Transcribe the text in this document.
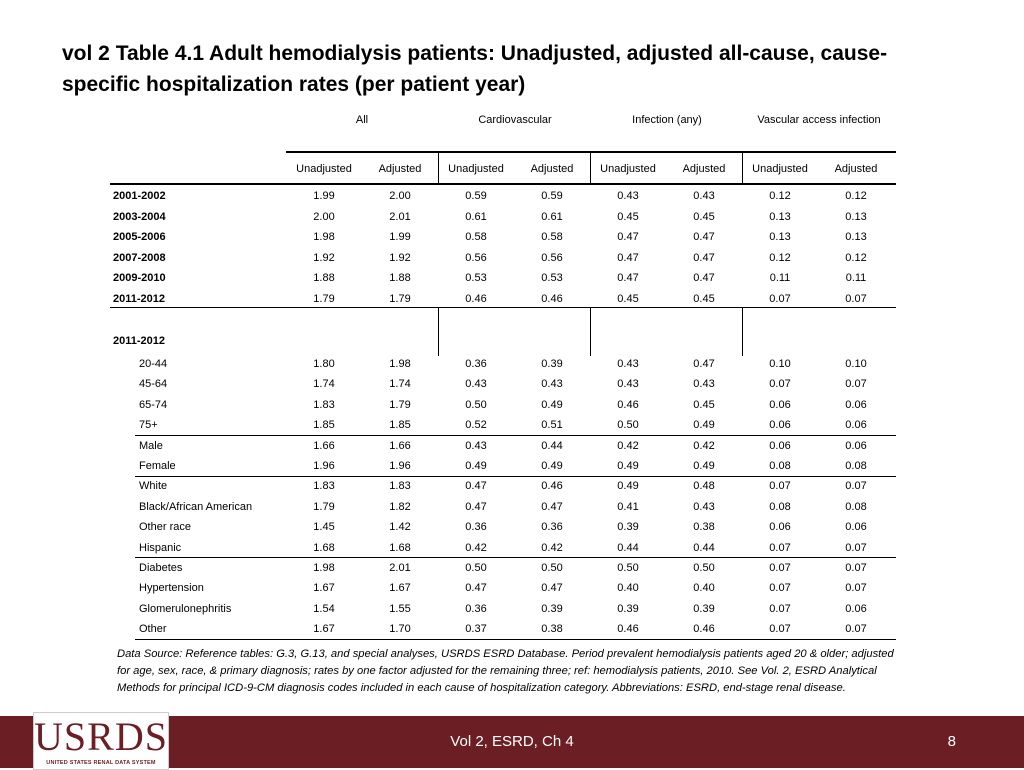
vol 2 Table 4.1 Adult hemodialysis patients: Unadjusted, adjusted all-cause, cause-specific hospitalization rates (per patient year)
All	Cardiovascular	Infection (any)	Vascular access infection
Unadjusted	Adjusted	Unadjusted	Adjusted	Unadjusted	Adjusted	Unadjusted	Adjusted
2001-2002	1.99	2.00	0.59	0.59	0.43	0.43	0.12	0.12
2003-2004	2.00	2.01	0.61	0.61	0.45	0.45	0.13	0.13
2005-2006	1.98	1.99	0.58	0.58	0.47	0.47	0.13	0.13
2007-2008	1.92	1.92	0.56	0.56	0.47	0.47	0.12	0.12
2009-2010	1.88	1.88	0.53	0.53	0.47	0.47	0.11	0.11
2011-2012	1.79	1.79	0.46	0.46	0.45	0.45	0.07	0.07
2011-2012
20-44	1.80	1.98	0.36	0.39	0.43	0.47	0.10	0.10
45-64	1.74	1.74	0.43	0.43	0.43	0.43	0.07	0.07
65-74	1.83	1.79	0.50	0.49	0.46	0.45	0.06	0.06
75+	1.85	1.85	0.52	0.51	0.50	0.49	0.06	0.06
Male	1.66	1.66	0.43	0.44	0.42	0.42	0.06	0.06
Female	1.96	1.96	0.49	0.49	0.49	0.49	0.08	0.08
White	1.83	1.83	0.47	0.46	0.49	0.48	0.07	0.07
Black/African American	1.79	1.82	0.47	0.47	0.41	0.43	0.08	0.08
Other race	1.45	1.42	0.36	0.36	0.39	0.38	0.06	0.06
Hispanic	1.68	1.68	0.42	0.42	0.44	0.44	0.07	0.07
Diabetes	1.98	2.01	0.50	0.50	0.50	0.50	0.07	0.07
Hypertension	1.67	1.67	0.47	0.47	0.40	0.40	0.07	0.07
Glomerulonephritis	1.54	1.55	0.36	0.39	0.39	0.39	0.07	0.06
Other	1.67	1.70	0.37	0.38	0.46	0.46	0.07	0.07
Data Source: Reference tables: G.3, G.13, and special analyses, USRDS ESRD Database. Period prevalent hemodialysis patients aged 20 & older; adjusted for age, sex, race, & primary diagnosis; rates by one factor adjusted for the remaining three; ref: hemodialysis patients, 2010. See Vol. 2, ESRD Analytical Methods for principal ICD-9-CM diagnosis codes included in each cause of hospitalization category. Abbreviations: ESRD, end-stage renal disease.
Vol 2, ESRD, Ch 4	8
USRDS
UNITED STATES RENAL DATA SYSTEM
